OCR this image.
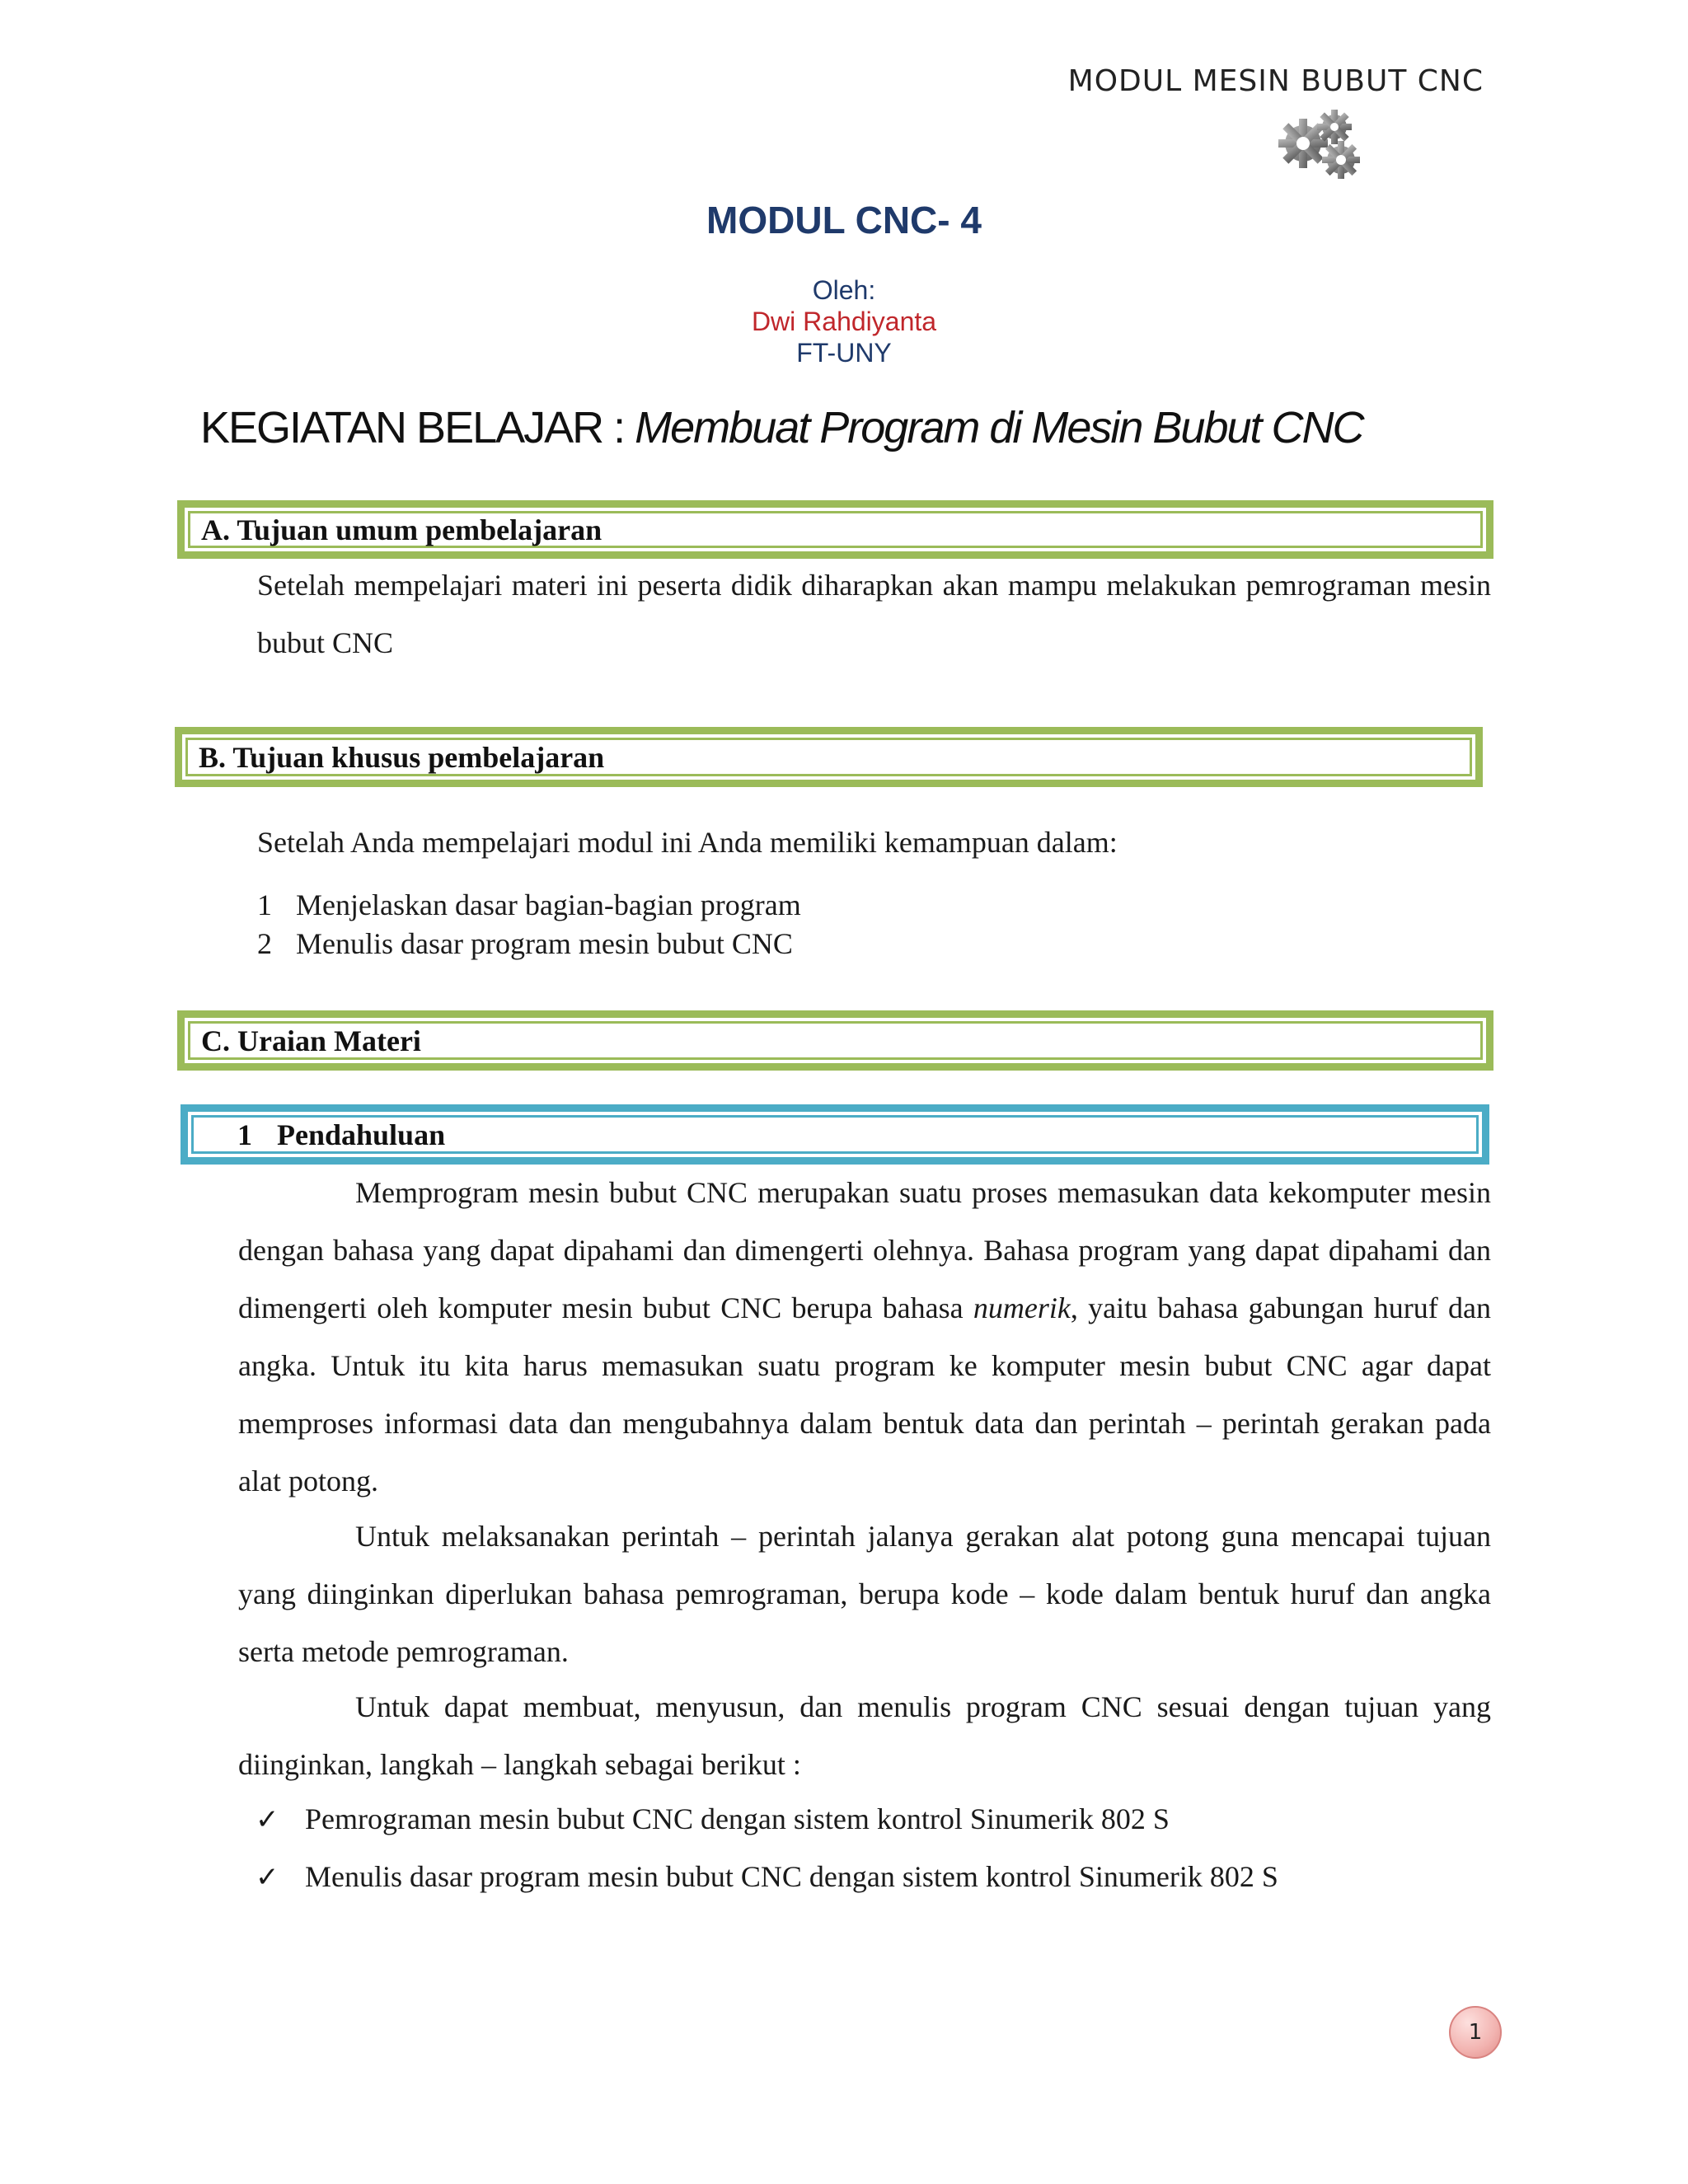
MODUL MESIN BUBUT CNC
MODUL CNC- 4
Oleh:
Dwi Rahdiyanta
FT-UNY
KEGIATAN BELAJAR : Membuat Program di Mesin Bubut CNC
A. Tujuan umum pembelajaran
Setelah mempelajari materi ini peserta didik diharapkan akan mampu melakukan pemrograman mesin bubut CNC
B. Tujuan khusus pembelajaran
Setelah Anda mempelajari modul ini Anda memiliki kemampuan dalam:
1 Menjelaskan dasar bagian-bagian program
2 Menulis dasar program mesin bubut CNC
C. Uraian Materi
1 Pendahuluan
Memprogram mesin bubut CNC merupakan suatu proses memasukan data kekomputer mesin dengan bahasa yang dapat dipahami dan dimengerti olehnya. Bahasa program yang dapat dipahami dan dimengerti oleh komputer mesin bubut CNC berupa bahasa numerik, yaitu bahasa gabungan huruf dan angka. Untuk itu kita harus memasukan suatu program ke komputer mesin bubut CNC agar dapat memproses informasi data dan mengubahnya dalam bentuk data dan perintah – perintah gerakan pada alat potong.
Untuk melaksanakan perintah – perintah jalanya gerakan alat potong guna mencapai tujuan yang diinginkan diperlukan bahasa pemrograman, berupa kode – kode dalam bentuk huruf dan angka serta metode pemrograman.
Untuk dapat membuat, menyusun, dan menulis program CNC sesuai dengan tujuan yang diinginkan, langkah – langkah sebagai berikut :
✓ Pemrograman mesin bubut CNC dengan sistem kontrol Sinumerik 802 S
✓ Menulis dasar program mesin bubut CNC dengan sistem kontrol Sinumerik 802 S
1
